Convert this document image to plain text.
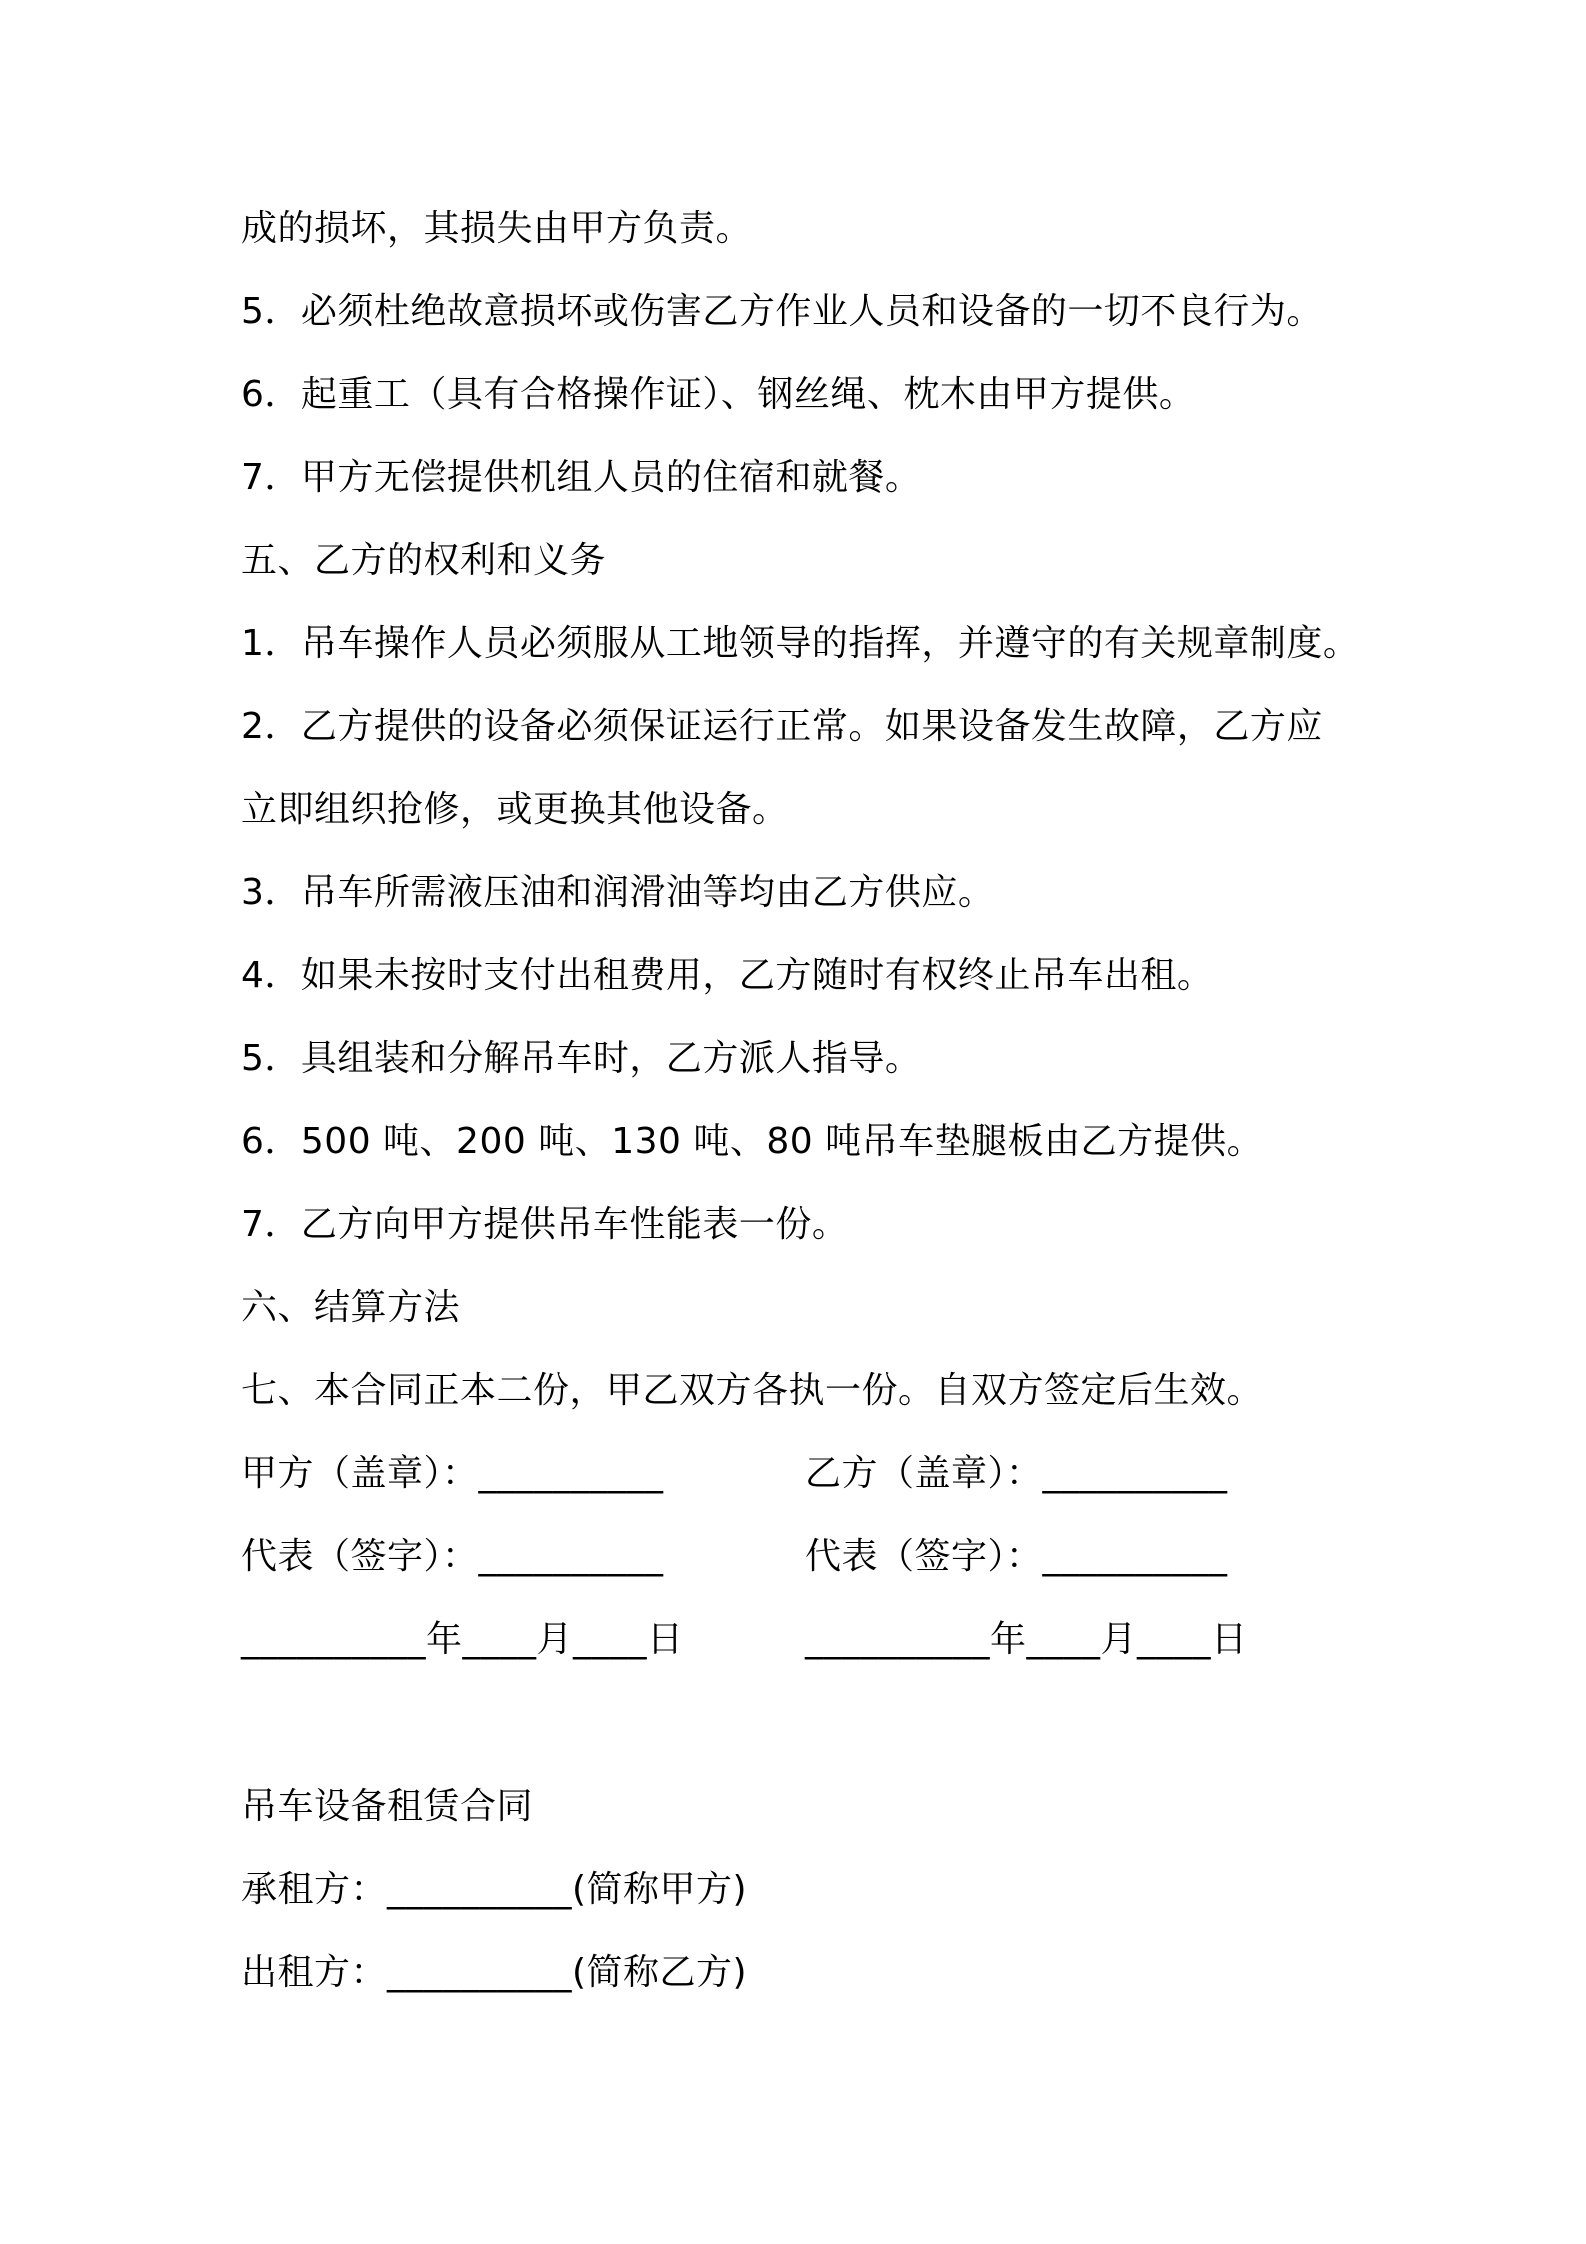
成的损坏，其损失由甲方负责。
5．必须杜绝故意损坏或伤害乙方作业人员和设备的一切不良行为。
6．起重工（具有合格操作证）、钢丝绳、枕木由甲方提供。
7．甲方无偿提供机组人员的住宿和就餐。
五、乙方的权利和义务
1．吊车操作人员必须服从工地领导的指挥，并遵守的有关规章制度。
2．乙方提供的设备必须保证运行正常。如果设备发生故障，乙方应
立即组织抢修，或更换其他设备。
3．吊车所需液压油和润滑油等均由乙方供应。
4．如果未按时支付出租费用，乙方随时有权终止吊车出租。
5．具组装和分解吊车时，乙方派人指导。
6．500 吨、200 吨、130 吨、80 吨吊车垫腿板由乙方提供。
7．乙方向甲方提供吊车性能表一份。
六、结算方法
七、本合同正本二份，甲乙双方各执一份。自双方签定后生效。
甲方（盖章）：__________	乙方（盖章）：__________
代表（签字）：__________	代表（签字）：__________
__________年____月____日	__________年____月____日
吊车设备租赁合同
承租方：__________(简称甲方)
出租方：__________(简称乙方)
